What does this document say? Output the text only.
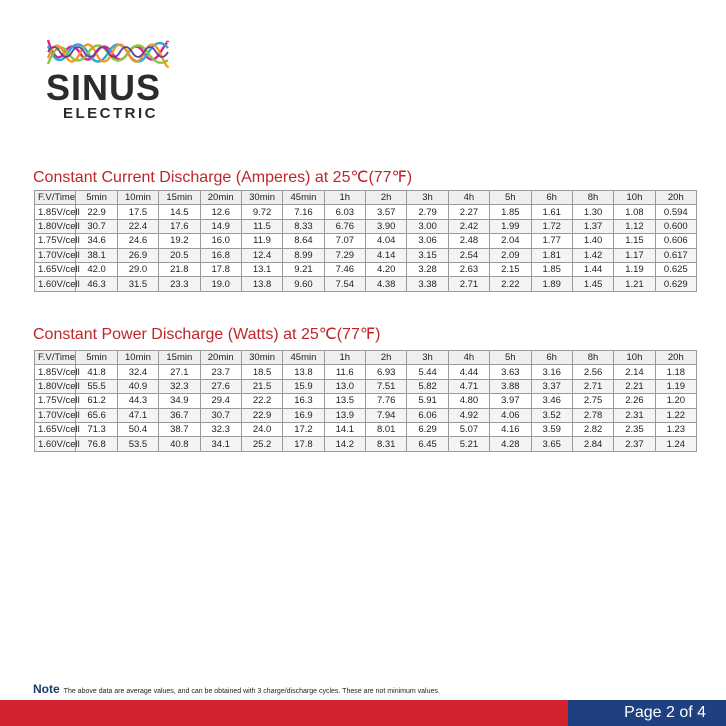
SINUS
ELECTRIC
Constant Current Discharge (Amperes) at 25℃(77℉)
F.V/Time	5min	10min	15min	20min	30min	45min	1h	2h	3h	4h	5h	6h	8h	10h	20h
1.85V/cell	22.9	17.5	14.5	12.6	9.72	7.16	6.03	3.57	2.79	2.27	1.85	1.61	1.30	1.08	0.594
1.80V/cell	30.7	22.4	17.6	14.9	11.5	8.33	6.76	3.90	3.00	2.42	1.99	1.72	1.37	1.12	0.600
1.75V/cell	34.6	24.6	19.2	16.0	11.9	8.64	7.07	4.04	3.06	2.48	2.04	1.77	1.40	1.15	0.606
1.70V/cell	38.1	26.9	20.5	16.8	12.4	8.99	7.29	4.14	3.15	2.54	2.09	1.81	1.42	1.17	0.617
1.65V/cell	42.0	29.0	21.8	17.8	13.1	9.21	7.46	4.20	3.28	2.63	2.15	1.85	1.44	1.19	0.625
1.60V/cell	46.3	31.5	23.3	19.0	13.8	9.60	7.54	4.38	3.38	2.71	2.22	1.89	1.45	1.21	0.629
Constant Power Discharge (Watts) at 25℃(77℉)
F.V/Time	5min	10min	15min	20min	30min	45min	1h	2h	3h	4h	5h	6h	8h	10h	20h
1.85V/cell	41.8	32.4	27.1	23.7	18.5	13.8	11.6	6.93	5.44	4.44	3.63	3.16	2.56	2.14	1.18
1.80V/cell	55.5	40.9	32.3	27.6	21.5	15.9	13.0	7.51	5.82	4.71	3.88	3.37	2.71	2.21	1.19
1.75V/cell	61.2	44.3	34.9	29.4	22.2	16.3	13.5	7.76	5.91	4.80	3.97	3.46	2.75	2.26	1.20
1.70V/cell	65.6	47.1	36.7	30.7	22.9	16.9	13.9	7.94	6.06	4.92	4.06	3.52	2.78	2.31	1.22
1.65V/cell	71.3	50.4	38.7	32.3	24.0	17.2	14.1	8.01	6.29	5.07	4.16	3.59	2.82	2.35	1.23
1.60V/cell	76.8	53.5	40.8	34.1	25.2	17.8	14.2	8.31	6.45	5.21	4.28	3.65	2.84	2.37	1.24
Note The above data are average values, and can be obtained with 3 charge/discharge cycles. These are not minimum values.
Page 2 of 4
